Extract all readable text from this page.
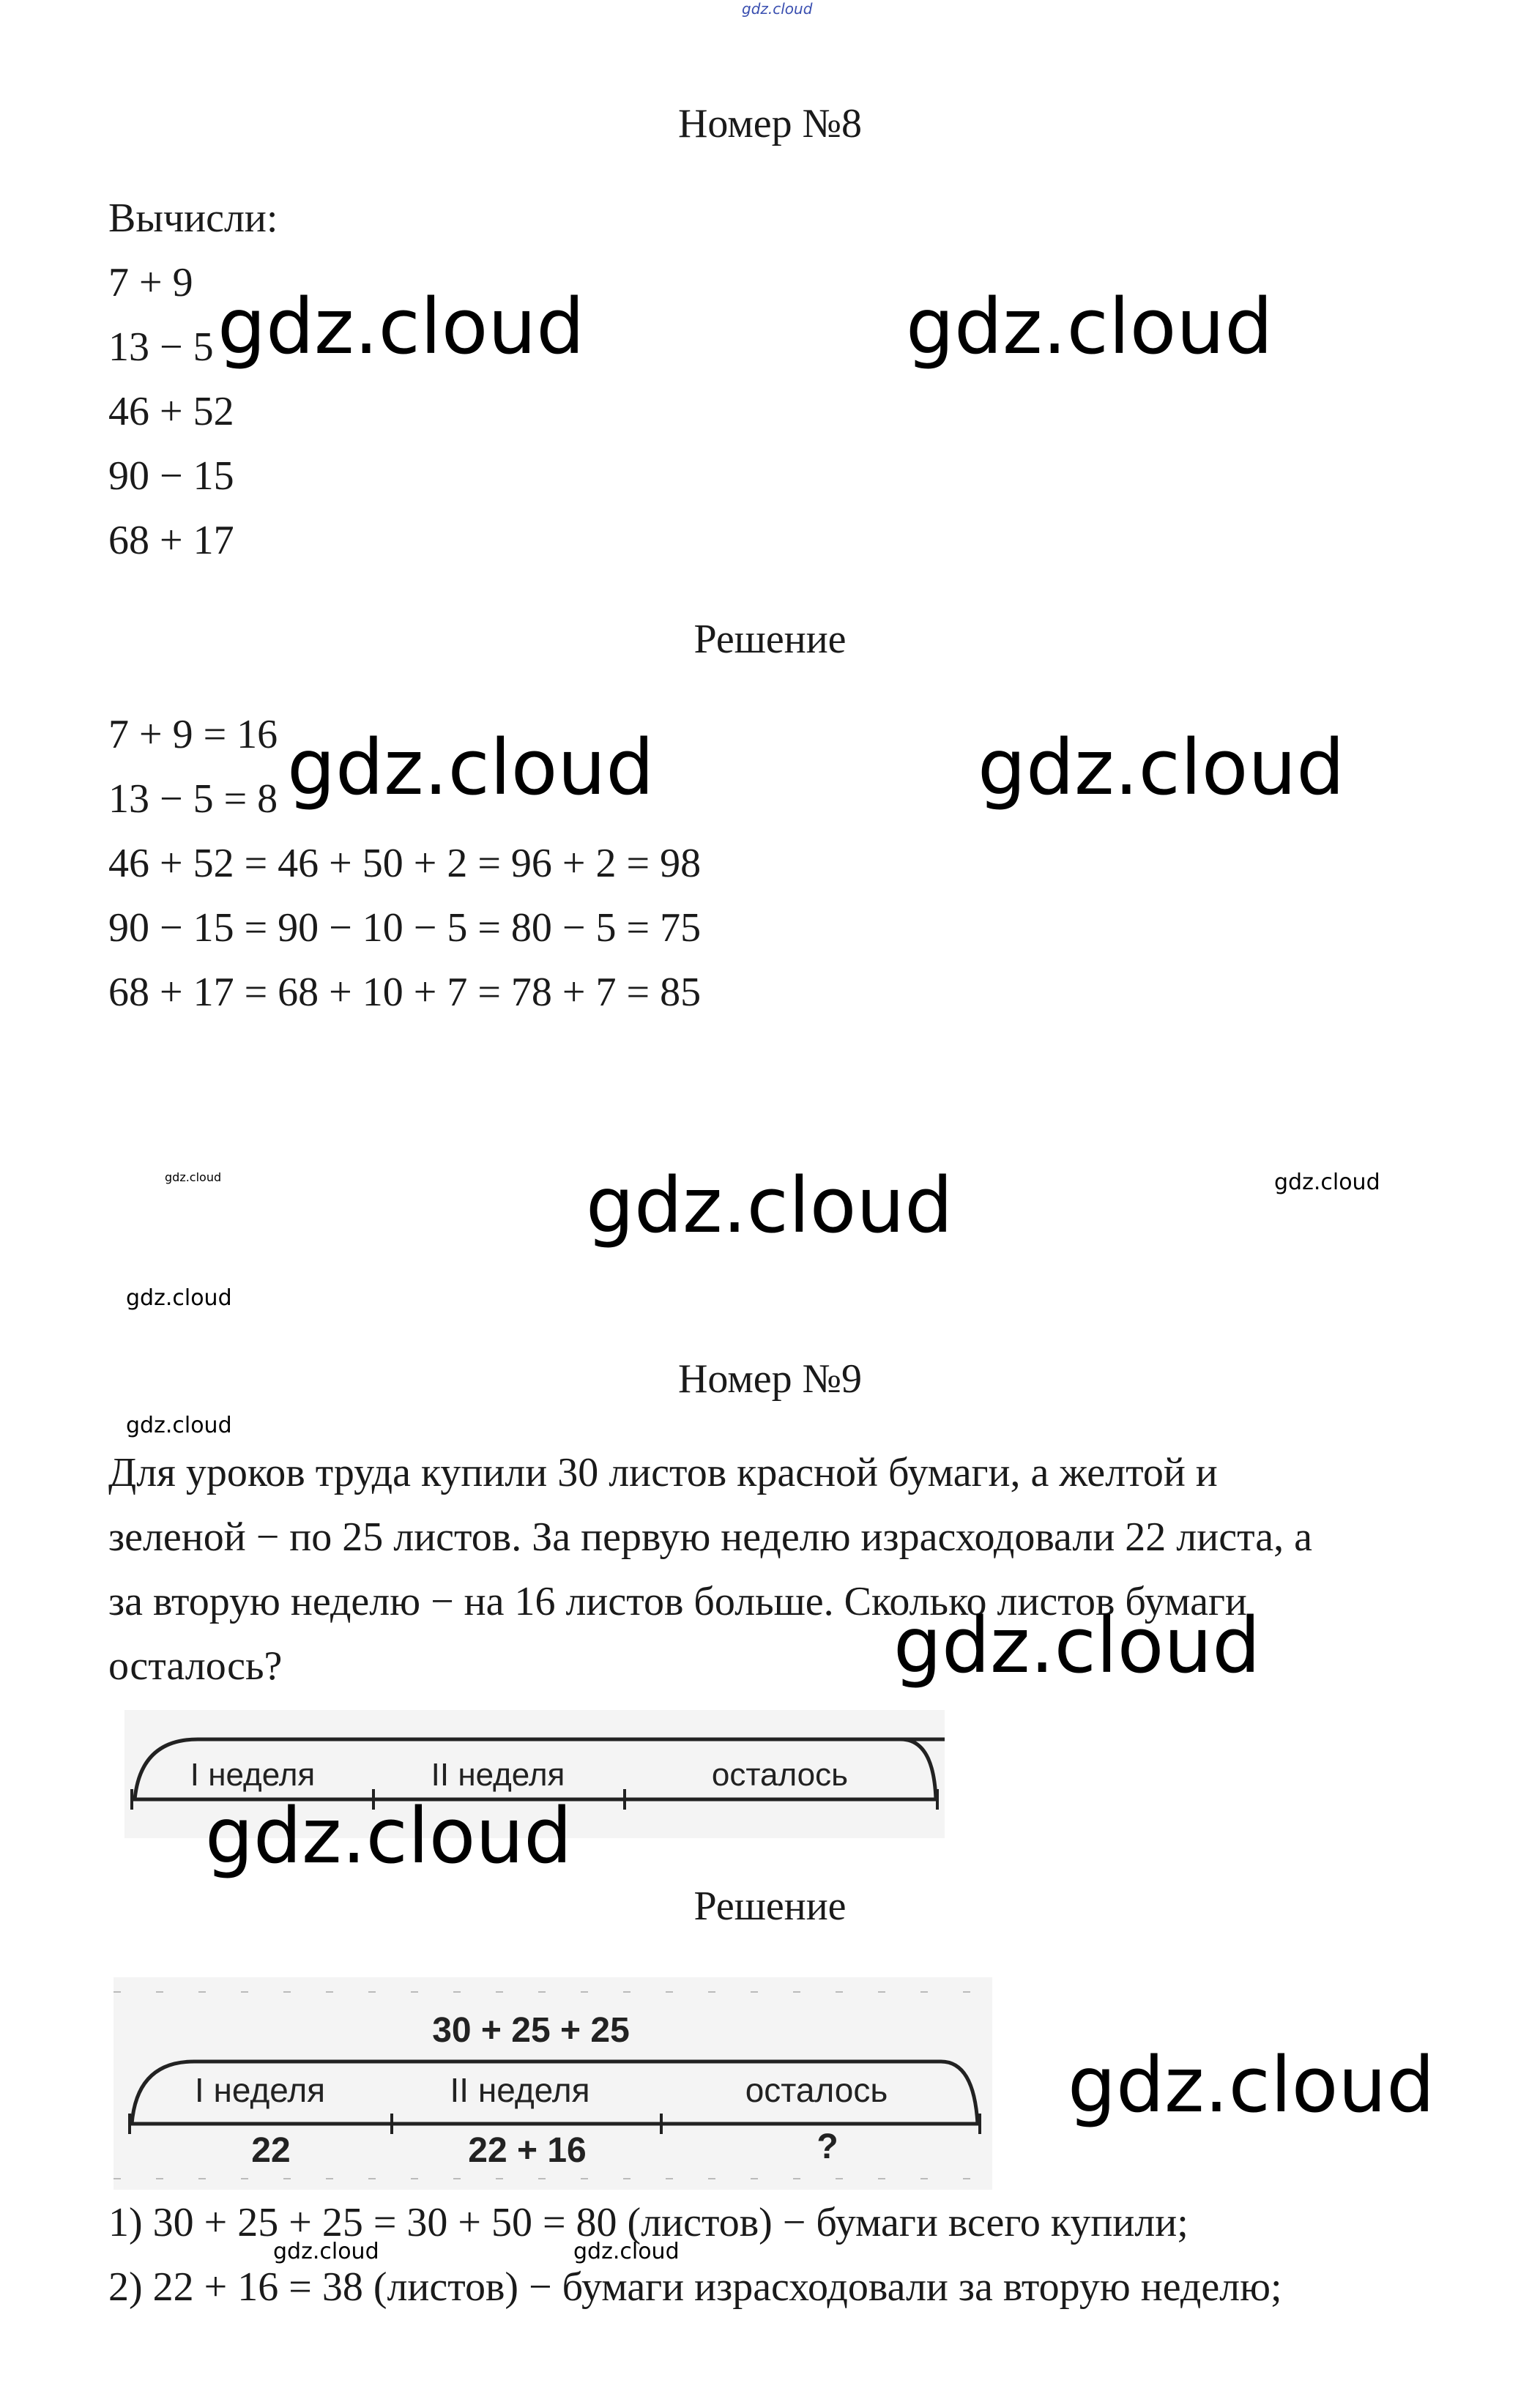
gdz.cloud
Номер №8
Вычисли:
7 + 9
13 − 5
46 + 52
90 − 15
68 + 17
Решение
7 + 9 = 16
13 − 5 = 8
46 + 52 = 46 + 50 + 2 = 96 + 2 = 98
90 − 15 = 90 − 10 − 5 = 80 − 5 = 75
68 + 17 = 68 + 10 + 7 = 78 + 7 = 85
Номер №9
Для уроков труда купили 30 листов красной бумаги, а желтой и
зеленой − по 25 листов. За первую неделю израсходовали 22 листа, а
за вторую неделю − на 16 листов больше. Сколько листов бумаги
осталось?
I неделя	II неделя	осталось
Решение
30 + 25 + 25
I неделя	II неделя	осталось
22	22 + 16	?
1) 30 + 25 + 25 = 30 + 50 = 80 (листов) − бумаги всего купили;
2) 22 + 16 = 38 (листов) − бумаги израсходовали за вторую неделю;
gdz.cloud	gdz.cloud
gdz.cloud	gdz.cloud
gdz.cloud
gdz.cloud	gdz.cloud
gdz.cloud
gdz.cloud
gdz.cloud
gdz.cloud
gdz.cloud
gdz.cloud	gdz.cloud
